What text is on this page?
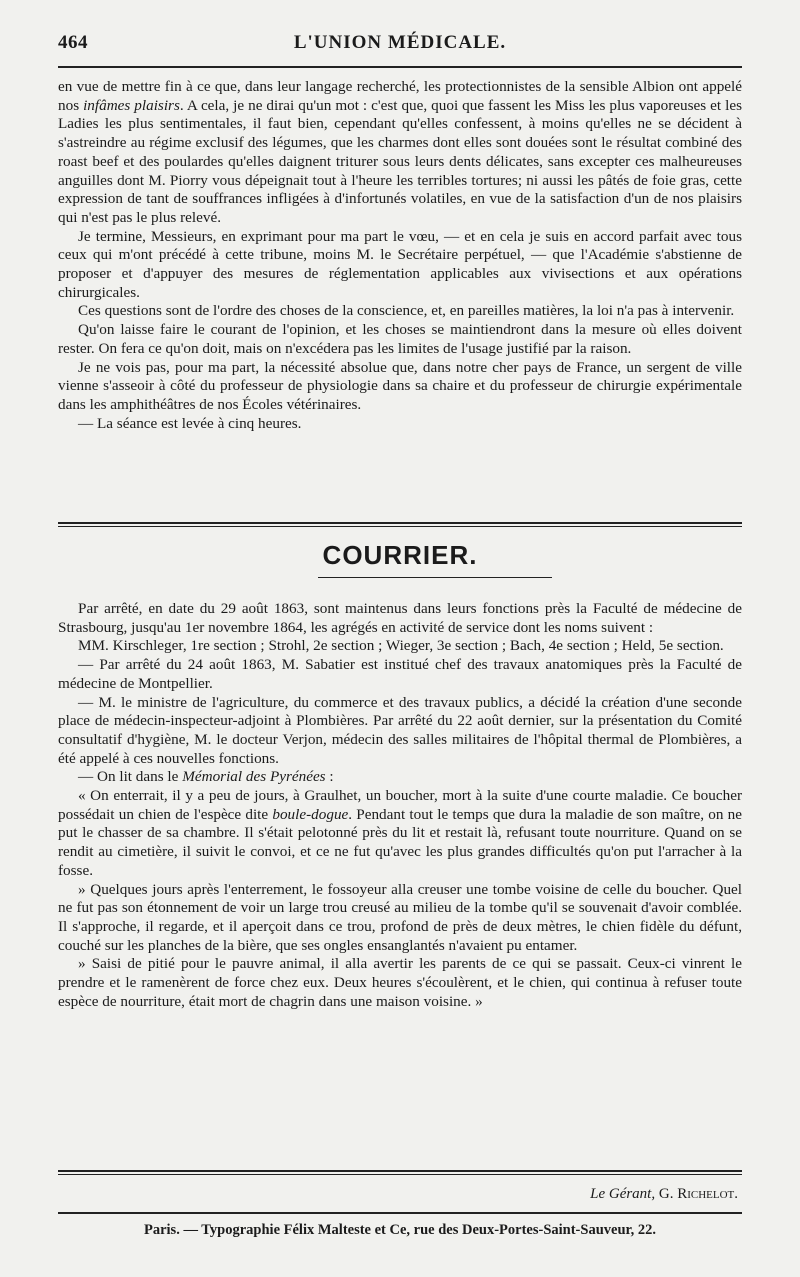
464	L'UNION MÉDICALE.

en vue de mettre fin à ce que, dans leur langage recherché, les protectionnistes de la sensible Albion ont appelé nos infâmes plaisirs. A cela, je ne dirai qu'un mot : c'est que, quoi que fassent les Miss les plus vaporeuses et les Ladies les plus sentimentales, il faut bien, cependant qu'elles confessent, à moins qu'elles ne se décident à s'astreindre au régime exclusif des légumes, que les charmes dont elles sont douées sont le résultat combiné des roast beef et des poulardes qu'elles daignent triturer sous leurs dents délicates, sans excepter ces malheureuses anguilles dont M. Piorry vous dépeignait tout à l'heure les terribles tortures; ni aussi les pâtés de foie gras, cette expression de tant de souffrances infligées à d'infortunés volatiles, en vue de la satisfaction d'un de nos plaisirs qui n'est pas le plus relevé.

Je termine, Messieurs, en exprimant pour ma part le vœu, — et en cela je suis en accord parfait avec tous ceux qui m'ont précédé à cette tribune, moins M. le Secrétaire perpétuel, — que l'Académie s'abstienne de proposer et d'appuyer des mesures de réglementation applicables aux vivisections et aux opérations chirurgicales.

Ces questions sont de l'ordre des choses de la conscience, et, en pareilles matières, la loi n'a pas à intervenir.

Qu'on laisse faire le courant de l'opinion, et les choses se maintiendront dans la mesure où elles doivent rester. On fera ce qu'on doit, mais on n'excédera pas les limites de l'usage justifié par la raison.

Je ne vois pas, pour ma part, la nécessité absolue que, dans notre cher pays de France, un sergent de ville vienne s'asseoir à côté du professeur de physiologie dans sa chaire et du professeur de chirurgie expérimentale dans les amphithéâtres de nos Écoles vétérinaires.

— La séance est levée à cinq heures.

COURRIER.

Par arrêté, en date du 29 août 1863, sont maintenus dans leurs fonctions près la Faculté de médecine de Strasbourg, jusqu'au 1er novembre 1864, les agrégés en activité de service dont les noms suivent :

MM. Kirschleger, 1re section ; Strohl, 2e section ; Wieger, 3e section ; Bach, 4e section ; Held, 5e section.

— Par arrêté du 24 août 1863, M. Sabatier est institué chef des travaux anatomiques près la Faculté de médecine de Montpellier.

— M. le ministre de l'agriculture, du commerce et des travaux publics, a décidé la création d'une seconde place de médecin-inspecteur-adjoint à Plombières. Par arrêté du 22 août dernier, sur la présentation du Comité consultatif d'hygiène, M. le docteur Verjon, médecin des salles militaires de l'hôpital thermal de Plombières, a été appelé à ces nouvelles fonctions.

— On lit dans le Mémorial des Pyrénées :

« On enterrait, il y a peu de jours, à Graulhet, un boucher, mort à la suite d'une courte maladie. Ce boucher possédait un chien de l'espèce dite boule-dogue. Pendant tout le temps que dura la maladie de son maître, on ne put le chasser de sa chambre. Il s'était pelotonné près du lit et restait là, refusant toute nourriture. Quand on se rendit au cimetière, il suivit le convoi, et ce ne fut qu'avec les plus grandes difficultés qu'on put l'arracher à la fosse.

» Quelques jours après l'enterrement, le fossoyeur alla creuser une tombe voisine de celle du boucher. Quel ne fut pas son étonnement de voir un large trou creusé au milieu de la tombe qu'il se souvenait d'avoir comblée. Il s'approche, il regarde, et il aperçoit dans ce trou, profond de près de deux mètres, le chien fidèle du défunt, couché sur les planches de la bière, que ses ongles ensanglantés n'avaient pu entamer.

» Saisi de pitié pour le pauvre animal, il alla avertir les parents de ce qui se passait. Ceux-ci vinrent le prendre et le ramenèrent de force chez eux. Deux heures s'écoulèrent, et le chien, qui continua à refuser toute espèce de nourriture, était mort de chagrin dans une maison voisine. »

Le Gérant, G. Richelot.
Paris. — Typographie Félix Malteste et Ce, rue des Deux-Portes-Saint-Sauveur, 22.
